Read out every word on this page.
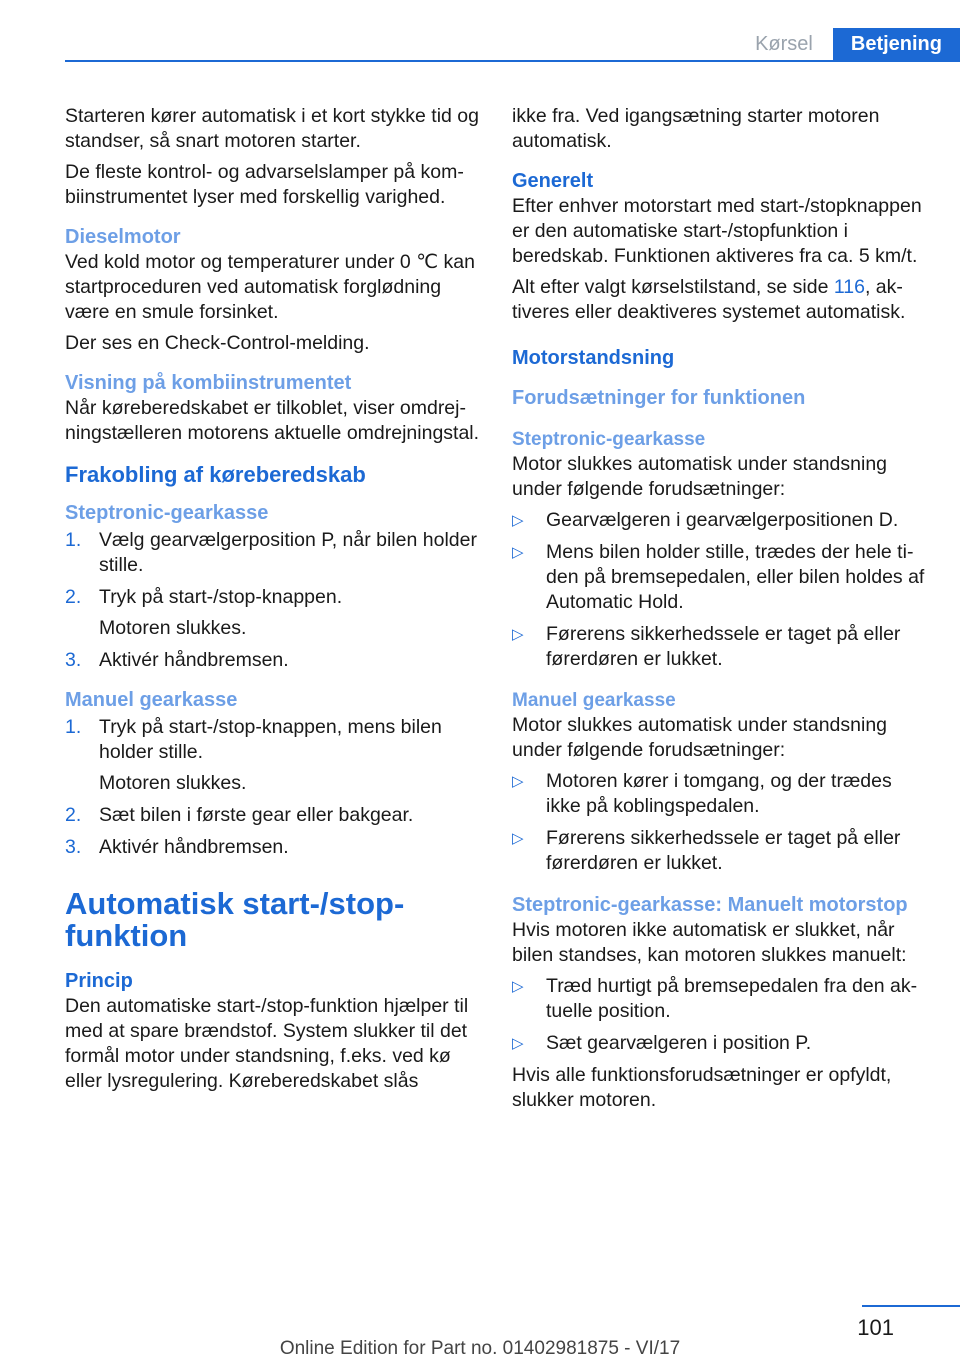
Kørsel	Betjening

Starteren kører automatisk i et kort stykke tid og standser, så snart motoren starter.

De fleste kontrol- og advarselslamper på kombiinstrumentet lyser med forskellig varighed.

Dieselmotor

Ved kold motor og temperaturer under 0 ℃ kan startproceduren ved automatisk forglødning være en smule forsinket.

Der ses en Check-Control-melding.

Visning på kombiinstrumentet

Når køreberedskabet er tilkoblet, viser omdrejningstælleren motorens aktuelle omdrejningstal.

Frakobling af køreberedskab
Steptronic-gearkasse
1. Vælg gearvælgerposition P, når bilen holder stille.
2. Tryk på start-/stop-knappen.
Motoren slukkes.
3. Aktivér håndbremsen.
Manuel gearkasse
1. Tryk på start-/stop-knappen, mens bilen holder stille.
Motoren slukkes.
2. Sæt bilen i første gear eller bakgear.
3. Aktivér håndbremsen.
Automatisk start-/stop-funktion
Princip

Den automatiske start-/stop-funktion hjælper til med at spare brændstof. System slukker til det formål motor under standsning, f.eks. ved kø eller lysregulering. Køreberedskabet slås

ikke fra. Ved igangsætning starter motoren automatisk.

Generelt

Efter enhver motorstart med start-/stopknappen er den automatiske start-/stopfunktion i beredskab. Funktionen aktiveres fra ca. 5 km/t.

Alt efter valgt kørselstilstand, se side 116, aktiveres eller deaktiveres systemet automatisk.

Motorstandsning
Forudsætninger for funktionen
Steptronic-gearkasse

Motor slukkes automatisk under standsning under følgende forudsætninger:

▷ Gearvælgeren i gearvælgerpositionen D.
▷ Mens bilen holder stille, trædes der hele tiden på bremsepedalen, eller bilen holdes af Automatic Hold.
▷ Førerens sikkerhedssele er taget på eller førerdøren er lukket.
Manuel gearkasse

Motor slukkes automatisk under standsning under følgende forudsætninger:

▷ Motoren kører i tomgang, og der trædes ikke på koblingspedalen.
▷ Førerens sikkerhedssele er taget på eller førerdøren er lukket.
Steptronic-gearkasse: Manuelt motorstop

Hvis motoren ikke automatisk er slukket, når bilen standses, kan motoren slukkes manuelt:

▷ Træd hurtigt på bremsepedalen fra den aktuelle position.
▷ Sæt gearvælgeren i position P.

Hvis alle funktionsforudsætninger er opfyldt, slukker motoren.

101
Online Edition for Part no. 01402981875 - VI/17
